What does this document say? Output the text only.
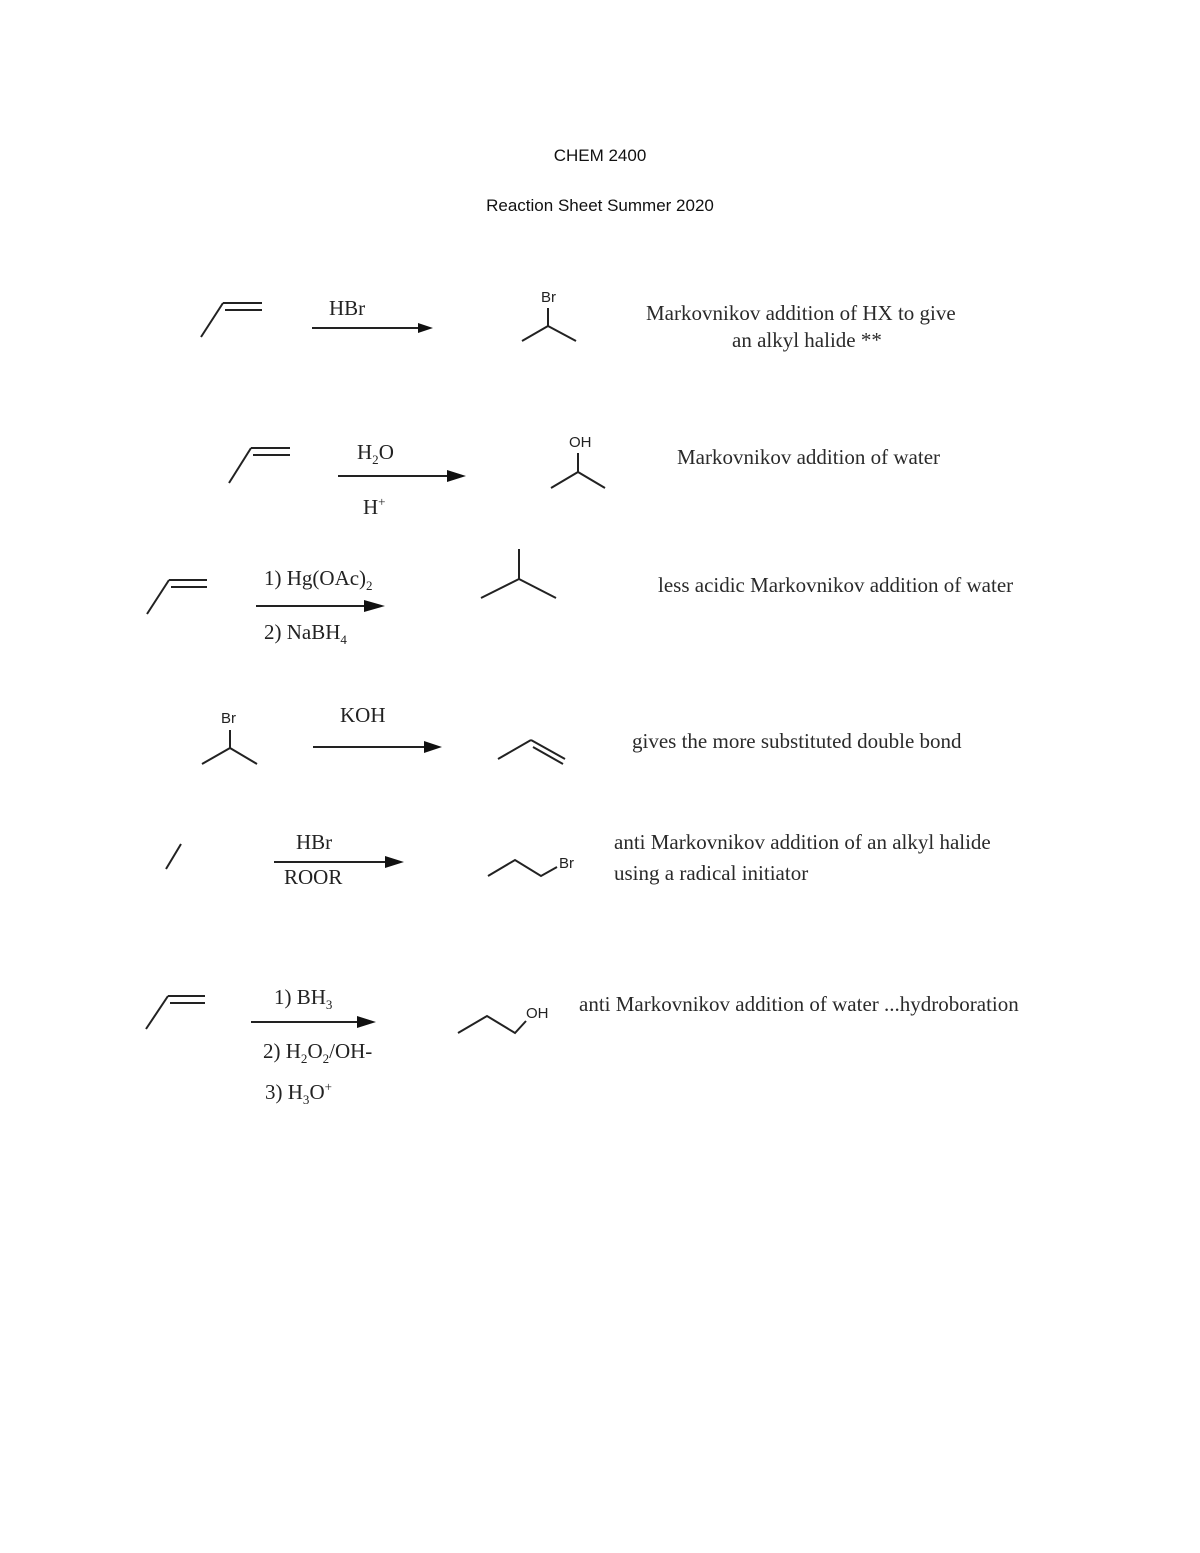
CHEM 2400
Reaction Sheet Summer 2020
HBr	Br
Markovnikov addition of HX to give
an alkyl halide **
$H_2O$
H+
OH
Markovnikov addition of water
1) $Hg(OAc)_2$
2) NaBH$_4$
less acidic Markovnikov addition of water
Br	KOH
gives the more substituted double bond
HBr
ROOR
Br
anti Markovnikov addition of an alkyl halide
using a radical initiator
1) $BH_3$
2) $H_2O_2/OH-$
3) $H_3O^+$
OH anti Markovnikov addition of water ...hydroboration
